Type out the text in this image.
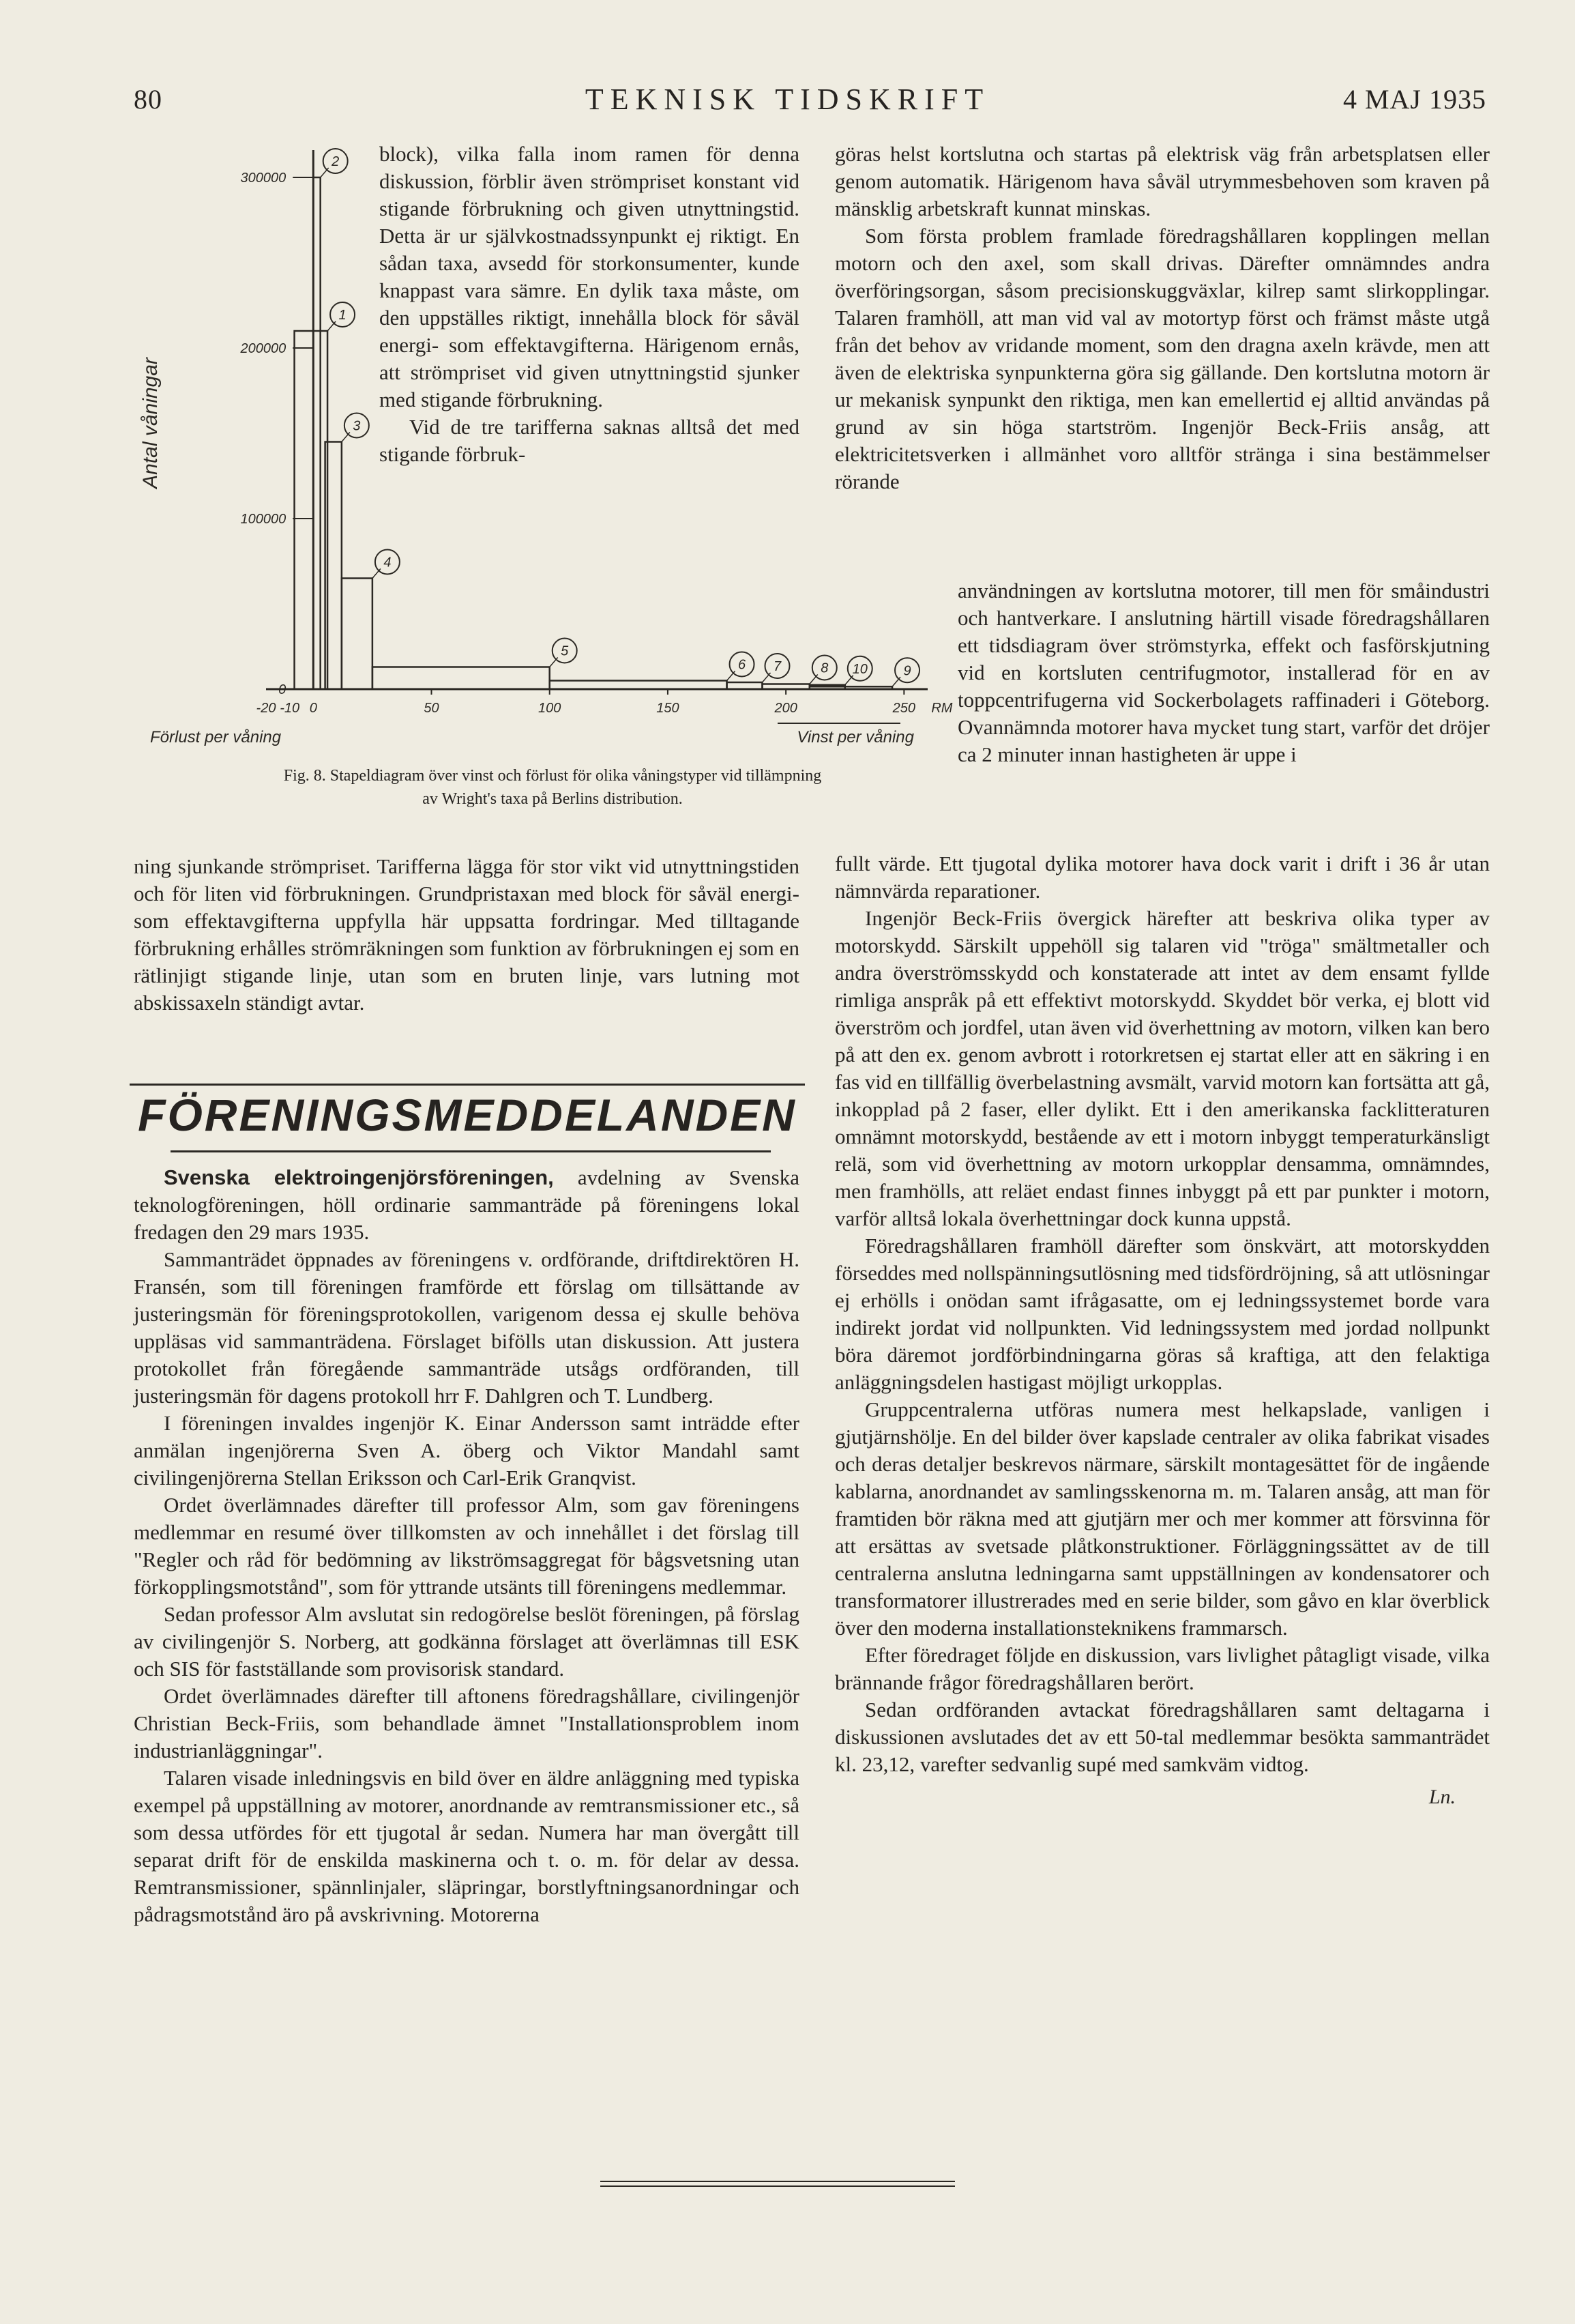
80	TEKNISK TIDSKRIFT	4 MAJ 1935
300000
200000
100000
0
Antal våningar
-20 -10 0	50	100	150	200	250 RM
Förlust per våning	Vinst per våning
1
2
3
4
5
6 7	8	9
10

block), vilka falla inom ramen för denna diskussion, förblir även strömpriset konstant vid stigande förbrukning och given utnyttningstid. Detta är ur självkostnadssynpunkt ej riktigt. En sådan taxa, avsedd för storkonsumenter, kunde knappast vara sämre. En dylik taxa måste, om den uppställes riktigt, innehålla block för såväl energi- som effektavgifterna. Härigenom ernås, att strömpriset vid given utnyttningstid sjunker med stigande förbrukning.

Vid de tre tarifferna saknas alltså det med stigande förbruk-

Fig. 8. Stapeldiagram över vinst och förlust för olika våningstyper vid tillämpning
av Wright's taxa på Berlins distribution.

ning sjunkande strömpriset. Tarifferna lägga för stor vikt vid utnyttningstiden och för liten vid förbrukningen. Grundpristaxan med block för såväl energi- som effektavgifterna uppfylla här uppsatta fordringar. Med tilltagande förbrukning erhålles strömräkningen som funktion av förbrukningen ej som en rätlinjigt stigande linje, utan som en bruten linje, vars lutning mot abskissaxeln ständigt avtar.

FÖRENINGSMEDDELANDEN

Svenska elektroingenjörsföreningen, avdelning av Svenska teknologföreningen, höll ordinarie sammanträde på föreningens lokal fredagen den 29 mars 1935.

Sammanträdet öppnades av föreningens v. ordförande, driftdirektören H. Fransén, som till föreningen framförde ett förslag om tillsättande av justeringsmän för föreningsprotokollen, varigenom dessa ej skulle behöva uppläsas vid sammanträdena. Förslaget bifölls utan diskussion. Att justera protokollet från föregående sammanträde utsågs ordföranden, till justeringsmän för dagens protokoll hrr F. Dahlgren och T. Lundberg.

I föreningen invaldes ingenjör K. Einar Andersson samt inträdde efter anmälan ingenjörerna Sven A. öberg och Viktor Mandahl samt civilingenjörerna Stellan Eriksson och Carl-Erik Granqvist.

Ordet överlämnades därefter till professor Alm, som gav föreningens medlemmar en resumé över tillkomsten av och innehållet i det förslag till "Regler och råd för bedömning av likströmsaggregat för bågsvetsning utan förkopplingsmotstånd", som för yttrande utsänts till föreningens medlemmar.

Sedan professor Alm avslutat sin redogörelse beslöt föreningen, på förslag av civilingenjör S. Norberg, att godkänna förslaget att överlämnas till ESK och SIS för fastställande som provisorisk standard.

Ordet överlämnades därefter till aftonens föredragshållare, civilingenjör Christian Beck-Friis, som behandlade ämnet "Installationsproblem inom industrianläggningar".

Talaren visade inledningsvis en bild över en äldre anläggning med typiska exempel på uppställning av motorer, anordnande av remtransmissioner etc., så som dessa utfördes för ett tjugotal år sedan. Numera har man övergått till separat drift för de enskilda maskinerna och t. o. m. för delar av dessa. Remtransmissioner, spännlinjaler, släpringar, borstlyftningsanordningar och pådragsmotstånd äro på avskrivning. Motorerna

göras helst kortslutna och startas på elektrisk väg från arbetsplatsen eller genom automatik. Härigenom hava såväl utrymmesbehoven som kraven på mänsklig arbetskraft kunnat minskas.

Som första problem framlade föredragshållaren kopplingen mellan motorn och den axel, som skall drivas. Därefter omnämndes andra överföringsorgan, såsom precisionskuggväxlar, kilrep samt slirkopplingar. Talaren framhöll, att man vid val av motortyp först och främst måste utgå från det behov av vridande moment, som den dragna axeln krävde, men att även de elektriska synpunkterna göra sig gällande. Den kortslutna motorn är ur mekanisk synpunkt den riktiga, men kan emellertid ej alltid användas på grund av sin höga startström. Ingenjör Beck-Friis ansåg, att elektricitetsverken i allmänhet voro alltför stränga i sina bestämmelser rörande

användningen av kortslutna motorer, till men för småindustri och hantverkare. I anslutning härtill visade föredragshållaren ett tidsdiagram över strömstyrka, effekt och fasförskjutning vid en kortsluten centrifugmotor, installerad för en av toppcentrifugerna vid Sockerbolagets raffinaderi i Göteborg. Ovannämnda motorer hava mycket tung start, varför det dröjer ca 2 minuter innan hastigheten är uppe i

fullt värde. Ett tjugotal dylika motorer hava dock varit i drift i 36 år utan nämnvärda reparationer.

Ingenjör Beck-Friis övergick härefter att beskriva olika typer av motorskydd. Särskilt uppehöll sig talaren vid "tröga" smältmetaller och andra överströmsskydd och konstaterade att intet av dem ensamt fyllde rimliga anspråk på ett effektivt motorskydd. Skyddet bör verka, ej blott vid överström och jordfel, utan även vid överhettning av motorn, vilken kan bero på att den ex. genom avbrott i rotorkretsen ej startat eller att en säkring i en fas vid en tillfällig överbelastning avsmält, varvid motorn kan fortsätta att gå, inkopplad på 2 faser, eller dylikt. Ett i den amerikanska facklitteraturen omnämnt motorskydd, bestående av ett i motorn inbyggt temperaturkänsligt relä, som vid överhettning av motorn urkopplar densamma, omnämndes, men framhölls, att reläet endast finnes inbyggt på ett par punkter i motorn, varför alltså lokala överhettningar dock kunna uppstå.

Föredragshållaren framhöll därefter som önskvärt, att motorskydden förseddes med nollspänningsutlösning med tidsfördröjning, så att utlösningar ej erhölls i onödan samt ifrågasatte, om ej ledningssystemet borde vara indirekt jordat vid nollpunkten. Vid ledningssystem med jordad nollpunkt böra däremot jordförbindningarna göras så kraftiga, att den felaktiga anläggningsdelen hastigast möjligt urkopplas.

Gruppcentralerna utföras numera mest helkapslade, vanligen i gjutjärnshölje. En del bilder över kapslade centraler av olika fabrikat visades och deras detaljer beskrevos närmare, särskilt montagesättet för de ingående kablarna, anordnandet av samlingsskenorna m. m. Talaren ansåg, att man för framtiden bör räkna med att gjutjärn mer och mer kommer att försvinna för att ersättas av svetsade plåtkonstruktioner. Förläggningssättet av de till centralerna anslutna ledningarna samt uppställningen av kondensatorer och transformatorer illustrerades med en serie bilder, som gåvo en klar överblick över den moderna installationsteknikens frammarsch.

Efter föredraget följde en diskussion, vars livlighet påtagligt visade, vilka brännande frågor föredragshållaren berört.

Sedan ordföranden avtackat föredragshållaren samt deltagarna i diskussionen avslutades det av ett 50-tal medlemmar besökta sammanträdet kl. 23,12, varefter sedvanlig supé med samkväm vidtog.

Ln.
